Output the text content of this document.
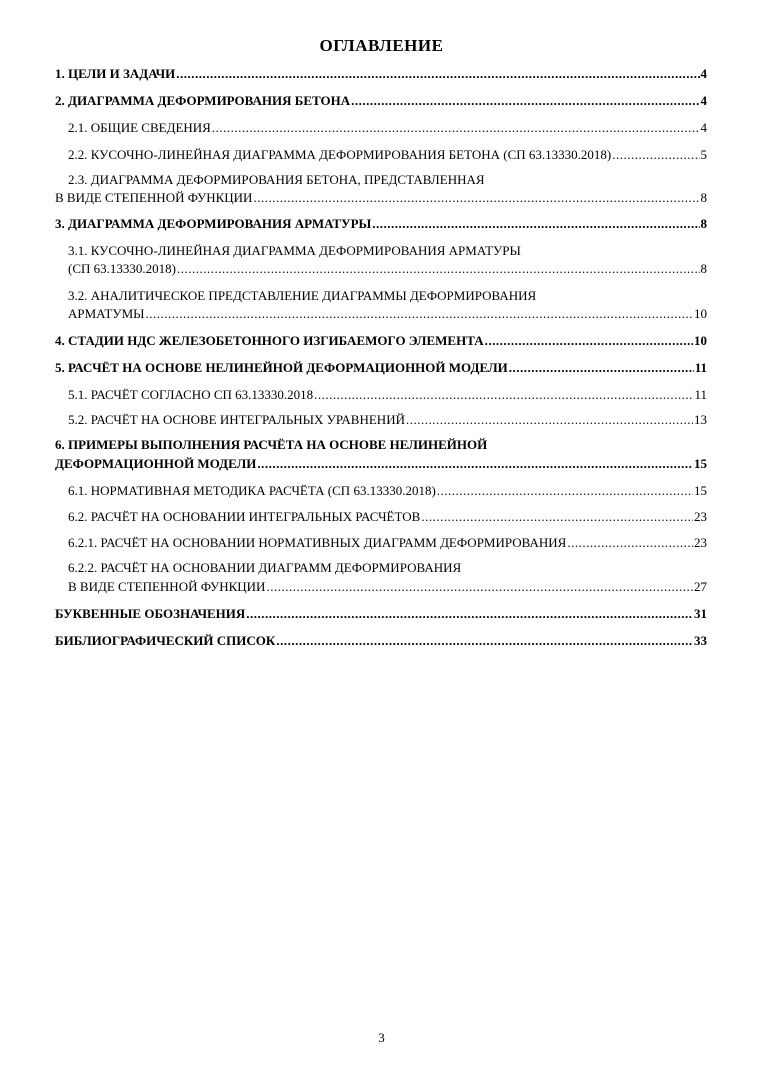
ОГЛАВЛЕНИЕ
1. ЦЕЛИ И ЗАДАЧИ .....	4
2. ДИАГРАММА ДЕФОРМИРОВАНИЯ БЕТОНА .....	4
2.1. ОБЩИЕ СВЕДЕНИЯ .....	4
2.2. КУСОЧНО-ЛИНЕЙНАЯ ДИАГРАММА ДЕФОРМИРОВАНИЯ БЕТОНА (СП 63.13330.2018) .....	5
2.3. ДИАГРАММА ДЕФОРМИРОВАНИЯ БЕТОНА, ПРЕДСТАВЛЕННАЯ
В ВИДЕ СТЕПЕННОЙ ФУНКЦИИ .....	8
3. ДИАГРАММА ДЕФОРМИРОВАНИЯ АРМАТУРЫ .....	8
3.1. КУСОЧНО-ЛИНЕЙНАЯ ДИАГРАММА ДЕФОРМИРОВАНИЯ АРМАТУРЫ
(СП 63.13330.2018) .....	8
3.2. АНАЛИТИЧЕСКОЕ ПРЕДСТАВЛЕНИЕ ДИАГРАММЫ ДЕФОРМИРОВАНИЯ
АРМАТУМЫ .....	10
4. СТАДИИ НДС ЖЕЛЕЗОБЕТОННОГО ИЗГИБАЕМОГО ЭЛЕМЕНТА .....	10
5. РАСЧЁТ НА ОСНОВЕ НЕЛИНЕЙНОЙ ДЕФОРМАЦИОННОЙ МОДЕЛИ .....	11
5.1. РАСЧЁТ СОГЛАСНО СП 63.13330.2018 .....	11
5.2. РАСЧЁТ НА ОСНОВЕ ИНТЕГРАЛЬНЫХ УРАВНЕНИЙ .....	13
6. ПРИМЕРЫ ВЫПОЛНЕНИЯ РАСЧЁТА НА ОСНОВЕ НЕЛИНЕЙНОЙ
ДЕФОРМАЦИОННОЙ МОДЕЛИ .....	15
6.1. НОРМАТИВНАЯ МЕТОДИКА РАСЧЁТА (СП 63.13330.2018) .....	15
6.2. РАСЧЁТ НА ОСНОВАНИИ ИНТЕГРАЛЬНЫХ РАСЧЁТОВ .....	23
6.2.1. РАСЧЁТ НА ОСНОВАНИИ НОРМАТИВНЫХ ДИАГРАММ ДЕФОРМИРОВАНИЯ .....	23
6.2.2. РАСЧЁТ НА ОСНОВАНИИ ДИАГРАММ ДЕФОРМИРОВАНИЯ
В ВИДЕ СТЕПЕННОЙ ФУНКЦИИ .....	27
БУКВЕННЫЕ ОБОЗНАЧЕНИЯ .....	31
БИБЛИОГРАФИЧЕСКИЙ СПИСОК .....	33
3
